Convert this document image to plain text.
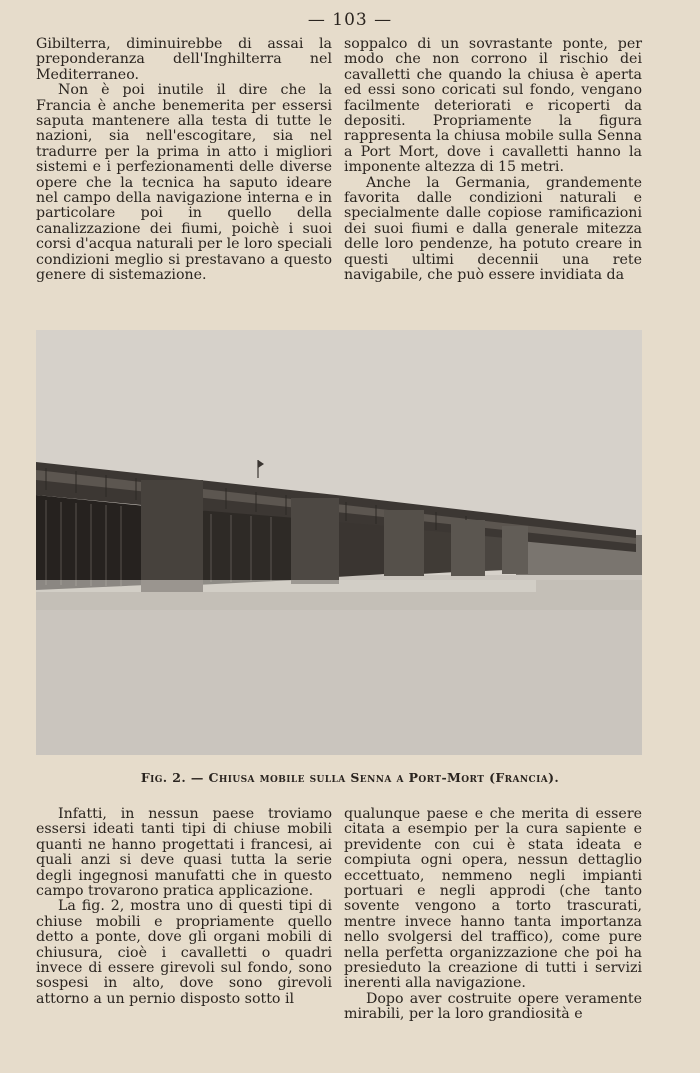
— 103 —

Gibilterra, diminuirebbe di assai la preponderanza dell'Inghilterra nel Mediterraneo.

Non è poi inutile il dire che la Francia è anche benemerita per essersi saputa mantenere alla testa di tutte le nazioni, sia nell'escogitare, sia nel tradurre per la prima in atto i migliori sistemi e i perfezionamenti delle diverse opere che la tecnica ha saputo ideare nel campo della navigazione interna e in particolare poi in quello della canalizzazione dei fiumi, poichè i suoi corsi d'acqua naturali per le loro speciali condizioni meglio si prestavano a questo genere di sistemazione.

soppalco di un sovrastante ponte, per modo che non corrono il rischio dei cavalletti che quando la chiusa è aperta ed essi sono coricati sul fondo, vengano facilmente deteriorati e ricoperti da depositi. Propriamente la figura rappresenta la chiusa mobile sulla Senna a Port Mort, dove i cavalletti hanno la imponente altezza di 15 metri.

Anche la Germania, grandemente favorita dalle condizioni naturali e specialmente dalle copiose ramificazioni dei suoi fiumi e dalla generale mitezza delle loro pendenze, ha potuto creare in questi ultimi decennii una rete navigabile, che può essere invidiata da

Fig. 2. — Chiusa mobile sulla Senna a Port-Mort (Francia).

Infatti, in nessun paese troviamo essersi ideati tanti tipi di chiuse mobili quanti ne hanno progettati i francesi, ai quali anzi si deve quasi tutta la serie degli ingegnosi manufatti che in questo campo trovarono pratica applicazione.

La fig. 2, mostra uno di questi tipi di chiuse mobili e propriamente quello detto a ponte, dove gli organi mobili di chiusura, cioè i cavalletti o quadri invece di essere girevoli sul fondo, sono sospesi in alto, dove sono girevoli attorno a un pernio disposto sotto il

qualunque paese e che merita di essere citata a esempio per la cura sapiente e previdente con cui è stata ideata e compiuta ogni opera, nessun dettaglio eccettuato, nemmeno negli impianti portuari e negli approdi (che tanto sovente vengono a torto trascurati, mentre invece hanno tanta importanza nello svolgersi del traffico), come pure nella perfetta organizzazione che poi ha presieduto la creazione di tutti i servizi inerenti alla navigazione.

Dopo aver costruite opere veramente mirabili, per la loro grandiosità e
